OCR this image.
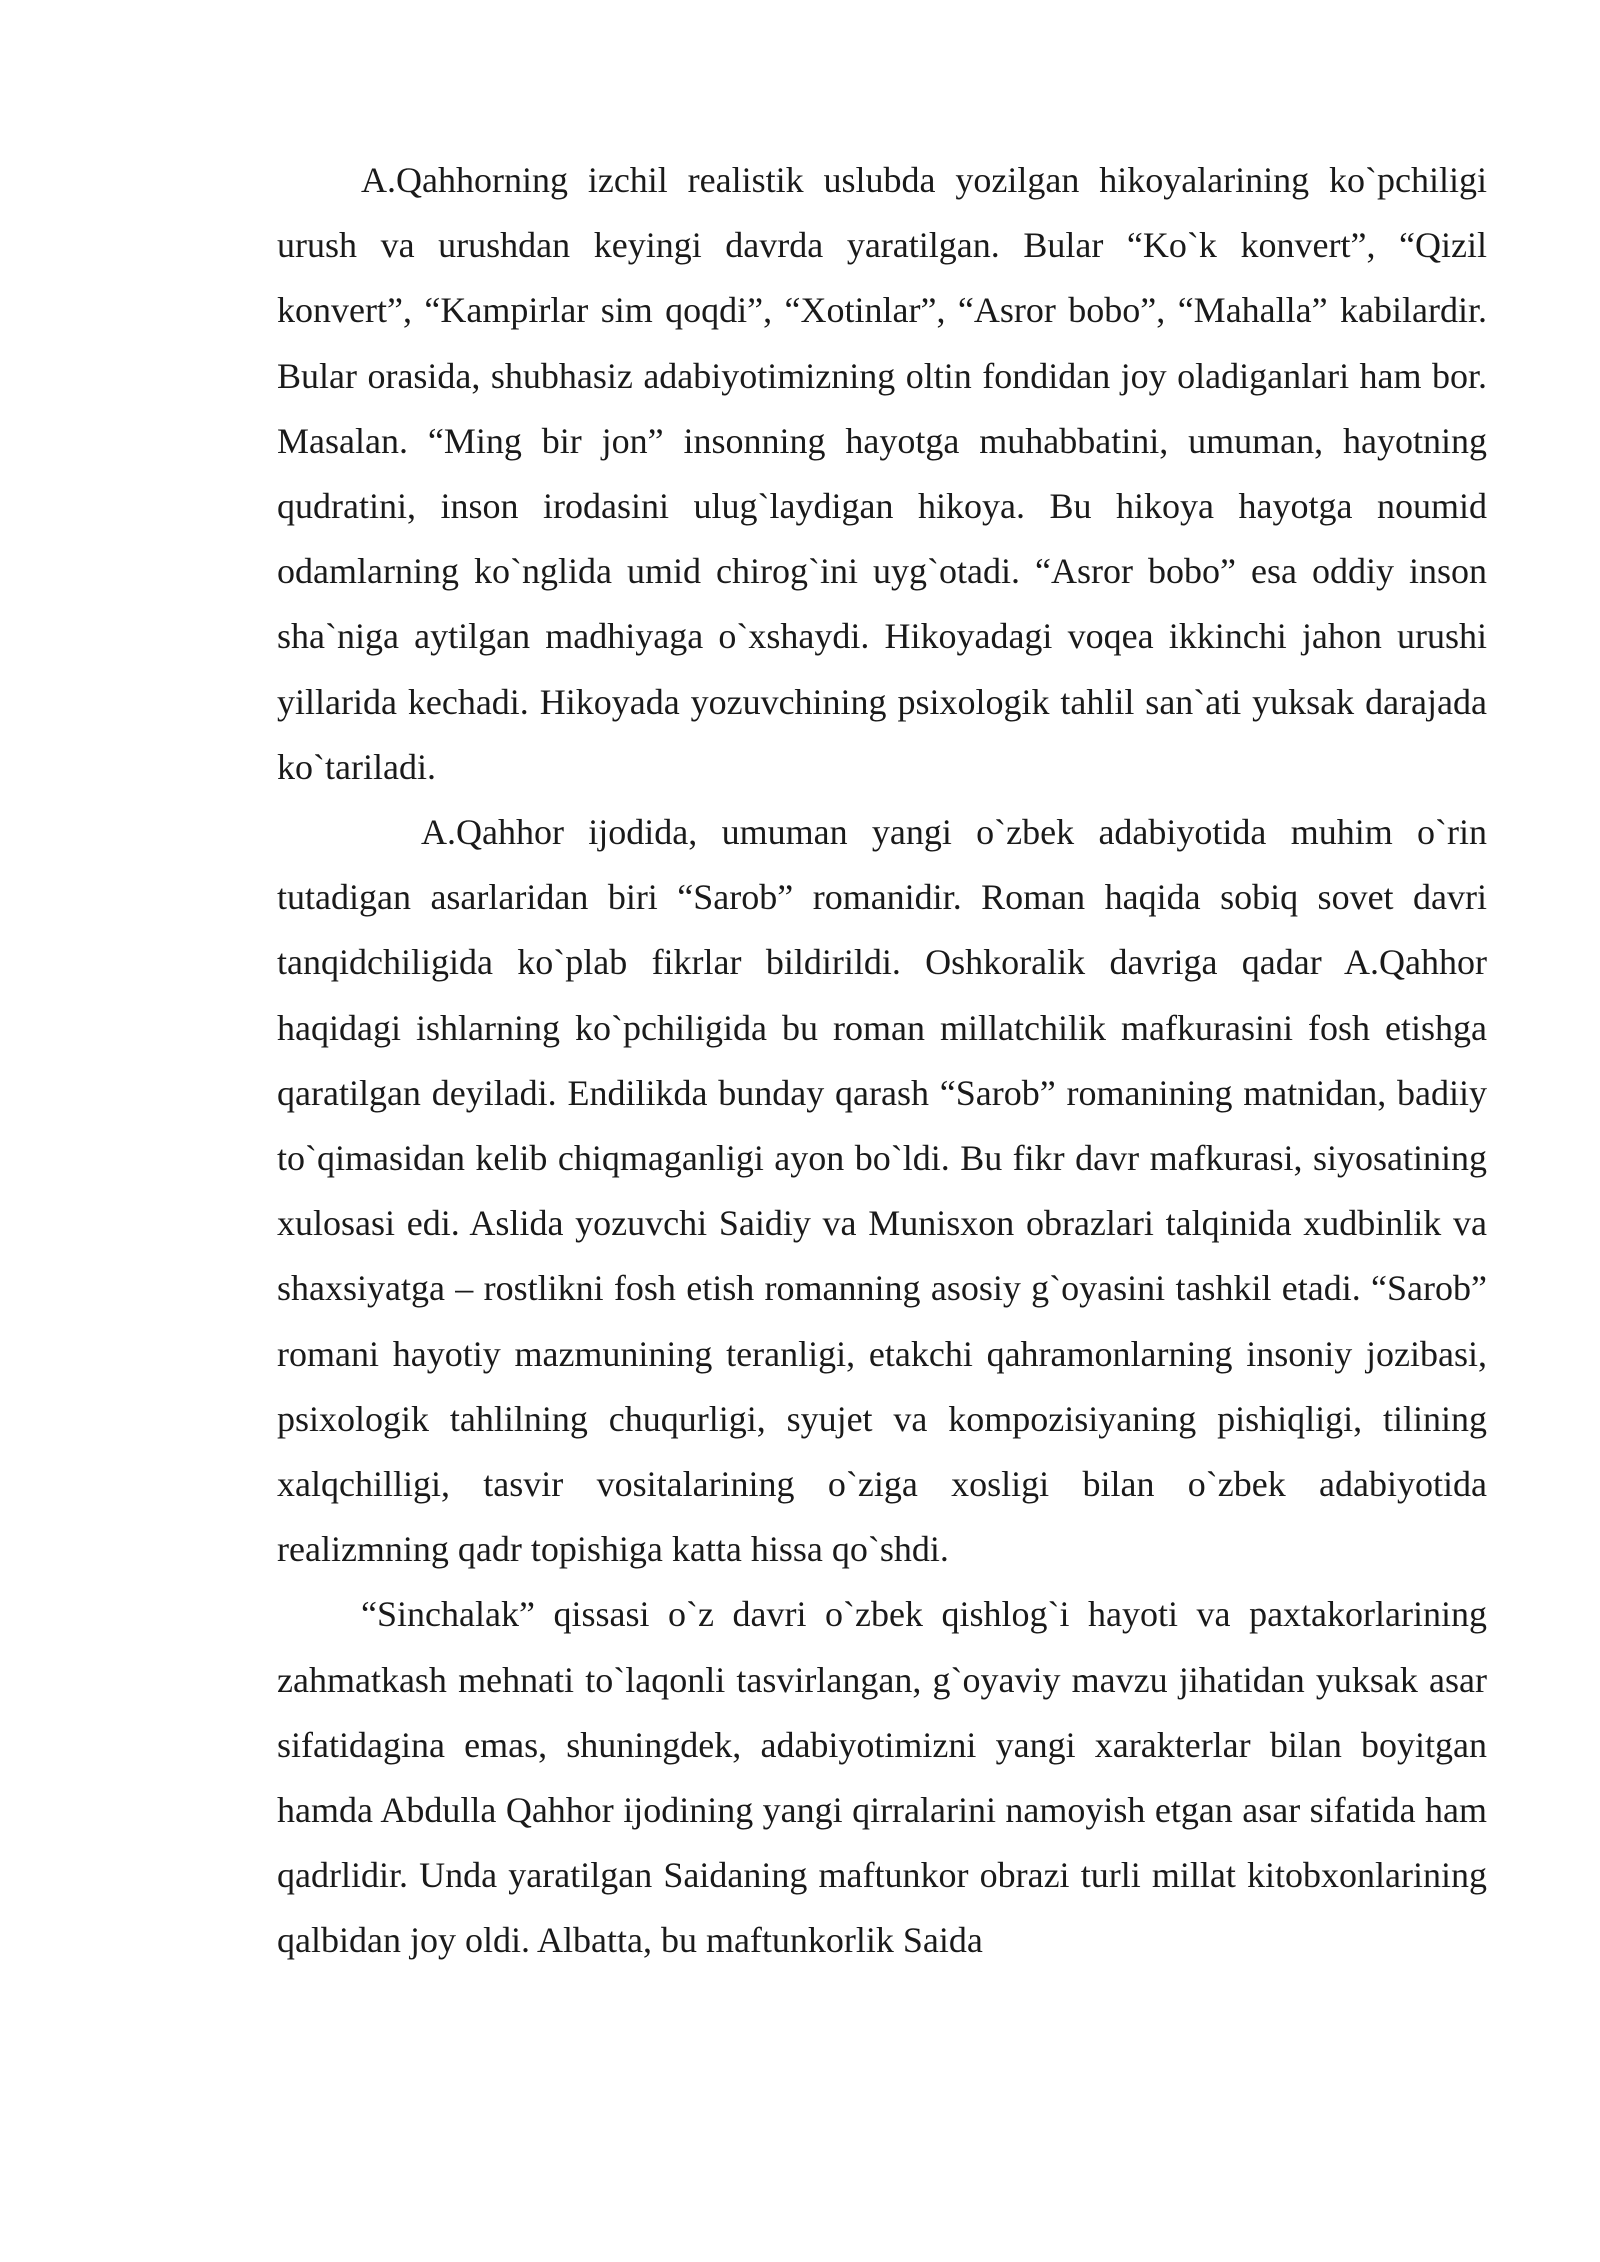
A.Qahhorning izchil realistik uslubda yozilgan hikoyalarining ko`pchiligi urush va urushdan keyingi davrda yaratilgan. Bular “Ko`k konvert”, “Qizil konvert”, “Kampirlar sim qoqdi”, “Xotinlar”, “Asror bobo”, “Mahalla” kabilardir. Bular orasida, shubhasiz adabiyotimizning oltin fondidan joy oladiganlari ham bor. Masalan. “Ming bir jon” insonning hayotga muhabbatini, umuman, hayotning qudratini, inson irodasini ulug`laydigan hikoya. Bu hikoya hayotga noumid odamlarning ko`nglida umid chirog`ini uyg`otadi. “Asror bobo” esa oddiy inson sha`niga aytilgan madhiyaga o`xshaydi. Hikoyadagi voqea ikkinchi jahon urushi yillarida kechadi. Hikoyada yozuvchining psixologik tahlil san`ati yuksak darajada ko`tariladi.

A.Qahhor ijodida, umuman yangi o`zbek adabiyotida muhim o`rin tutadigan asarlaridan biri “Sarob” romanidir. Roman haqida sobiq sovet davri tanqidchiligida ko`plab fikrlar bildirildi. Oshkoralik davriga qadar A.Qahhor haqidagi ishlarning ko`pchiligida bu roman millatchilik mafkurasini fosh etishga qaratilgan deyiladi. Endilikda bunday qarash “Sarob” romanining matnidan, badiiy to`qimasidan kelib chiqmaganligi ayon bo`ldi. Bu fikr davr mafkurasi, siyosatining xulosasi edi. Aslida yozuvchi Saidiy va Munisxon obrazlari talqinida xudbinlik va shaxsiyatga – rostlikni fosh etish romanning asosiy g`oyasini tashkil etadi. “Sarob” romani hayotiy mazmunining teranligi, etakchi qahramonlarning insoniy jozibasi, psixologik tahlilning chuqurligi, syujet va kompozisiyaning pishiqligi, tilining xalqchilligi, tasvir vositalarining o`ziga xosligi bilan o`zbek adabiyotida realizmning qadr topishiga katta hissa qo`shdi.

“Sinchalak” qissasi o`z davri o`zbek qishlog`i hayoti va paxtakorlarining zahmatkash mehnati to`laqonli tasvirlangan, g`oyaviy mavzu jihatidan yuksak asar sifatidagina emas, shuningdek, adabiyotimizni yangi xarakterlar bilan boyitgan hamda Abdulla Qahhor ijodining yangi qirralarini namoyish etgan asar sifatida ham qadrlidir. Unda yaratilgan Saidaning maftunkor obrazi turli millat kitobxonlarining qalbidan joy oldi. Albatta, bu maftunkorlik Saida
